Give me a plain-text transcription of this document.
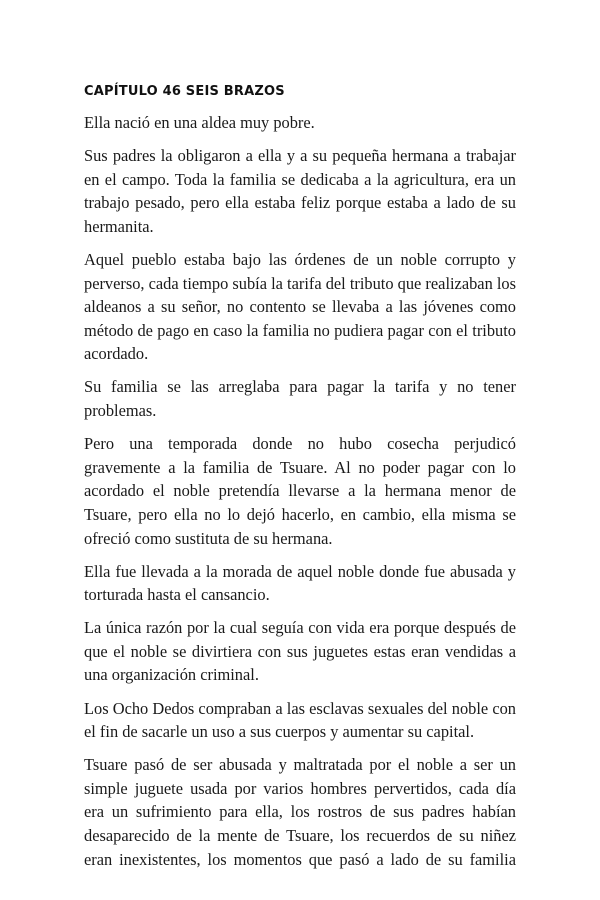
CAPÍTULO 46 SEIS BRAZOS

Ella nació en una aldea muy pobre.

Sus padres la obligaron a ella y a su pequeña hermana a trabajar en el campo. Toda la familia se dedicaba a la agricultura, era un trabajo pesado, pero ella estaba feliz porque estaba a lado de su hermanita.

Aquel pueblo estaba bajo las órdenes de un noble corrupto y perverso, cada tiempo subía la tarifa del tributo que realizaban los aldeanos a su señor, no contento se llevaba a las jóvenes como método de pago en caso la familia no pudiera pagar con el tributo acordado.

Su familia se las arreglaba para pagar la tarifa y no tener problemas.

Pero una temporada donde no hubo cosecha perjudicó gravemente a la familia de Tsuare. Al no poder pagar con lo acordado el noble pretendía llevarse a la hermana menor de Tsuare, pero ella no lo dejó hacerlo, en cambio, ella misma se ofreció como sustituta de su hermana.

Ella fue llevada a la morada de aquel noble donde fue abusada y torturada hasta el cansancio.

La única razón por la cual seguía con vida era porque después de que el noble se divirtiera con sus juguetes estas eran vendidas a una organización criminal.

Los Ocho Dedos compraban a las esclavas sexuales del noble con el fin de sacarle un uso a sus cuerpos y aumentar su capital.

Tsuare pasó de ser abusada y maltratada por el noble a ser un simple juguete usada por varios hombres pervertidos, cada día era un sufrimiento para ella, los rostros de sus padres habían desaparecido de la mente de Tsuare, los recuerdos de su niñez eran inexistentes, los momentos que pasó a lado de su familia
